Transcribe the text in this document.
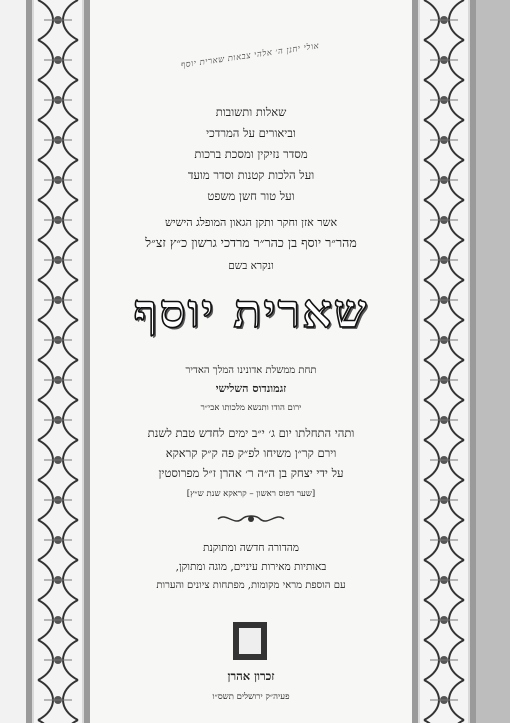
אולי יחנן ה׳ אלהי צבאות שארית יוסף
שאלות ותשובות
וביאורים על המרדכי
מסדר נזיקין ומסכת ברכות
ועל הלכות קטנות וסדר מועד
ועל טור חשן משפט
אשר אזן וחקר ותקן הגאון המופלג הישיש
מהר״ר יוסף בן כהר״ר מרדכי גרשון כ״ץ זצ״ל
ונקרא בשם
שארית יוסף
תחת ממשלת אדונינו המלך האדיר
זגמונדוס השלישי
ירום הודו ותנשא מלכותו אכי״ר
ותהי התחלתו יום ג׳ י״ב ימים לחדש טבת לשנת
וירם קר״ן משיחו לפ״ק פה ק״ק קראקא
על ידי יצחק בן ה״ה ר׳ אהרן ז״ל מפרוסטין
[שער דפוס ראשון – קראקא שנת ש״ץ]
מהדורה חדשה ומתוקנת
באותיות מאירות עיניים, מוגה ומתוקן,
עם הוספת מראי מקומות, מפתחות ציונים והערות
זכרון אהרן
פעיה״ק ירושלים תשס״ו
